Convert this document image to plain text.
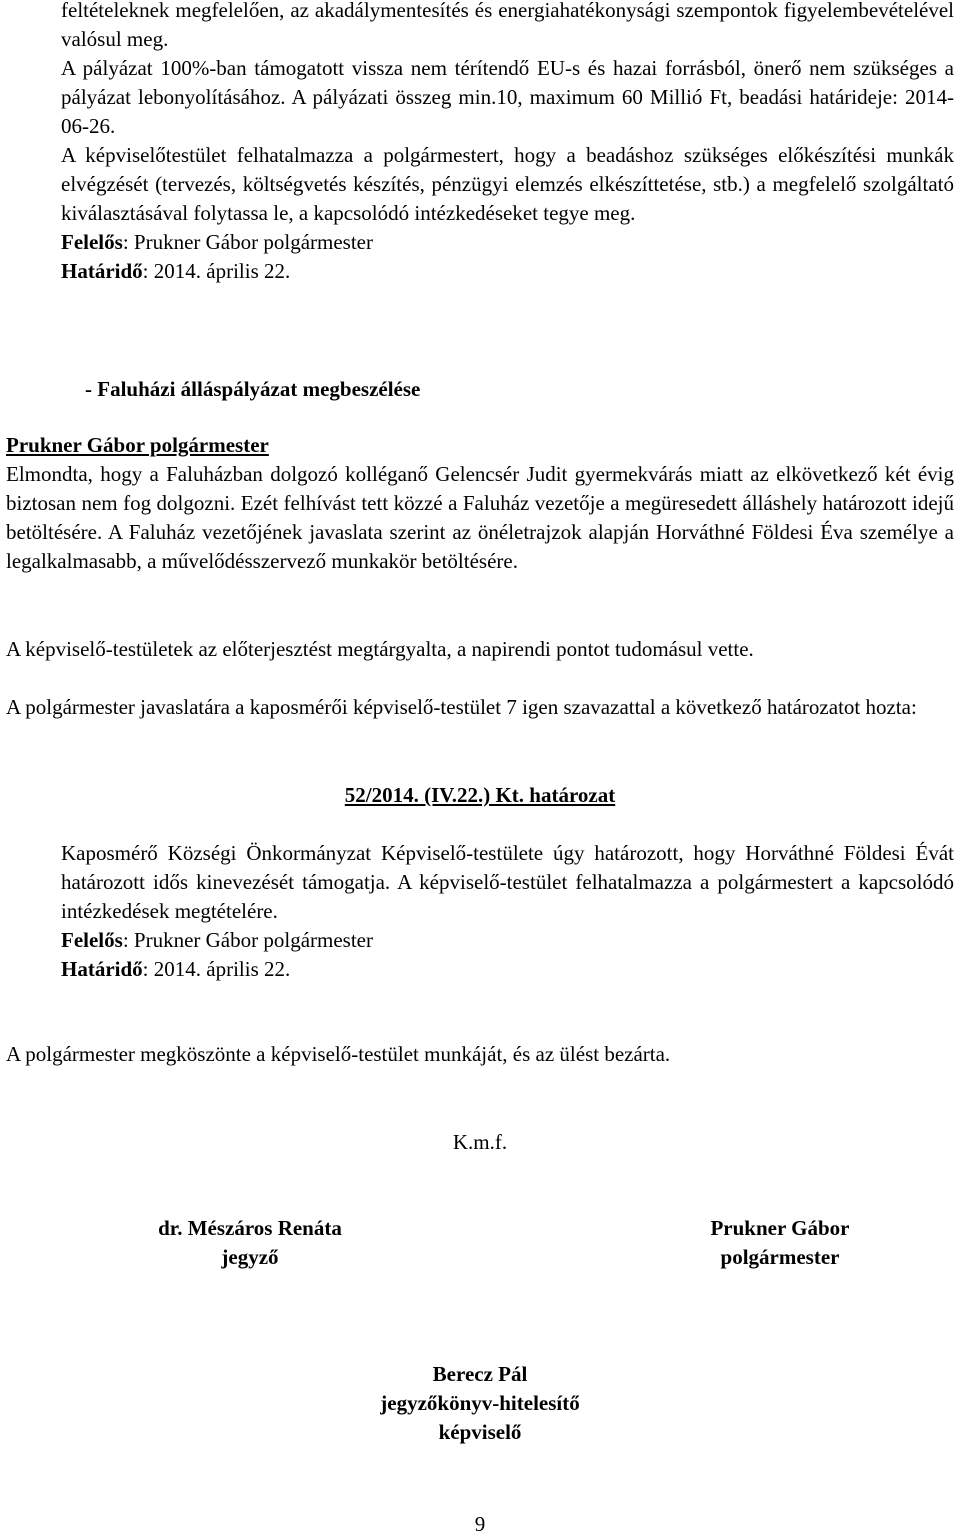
feltételeknek megfelelően, az akadálymentesítés és energiahatékonysági szempontok figyelembevételével valósul meg.

A pályázat 100%-ban támogatott vissza nem térítendő EU-s és hazai forrásból, önerő nem szükséges a pályázat lebonyolításához. A pályázati összeg min.10, maximum 60 Millió Ft, beadási határideje: 2014-06-26.

A képviselőtestület felhatalmazza a polgármestert, hogy a beadáshoz szükséges előkészítési munkák elvégzését (tervezés, költségvetés készítés, pénzügyi elemzés elkészíttetése, stb.) a megfelelő szolgáltató kiválasztásával folytassa le, a kapcsolódó intézkedéseket tegye meg.

Felelős: Prukner Gábor polgármester

Határidő: 2014. április 22.

- Faluházi álláspályázat megbeszélése

Prukner Gábor polgármester

Elmondta, hogy a Faluházban dolgozó kolléganő Gelencsér Judit gyermekvárás miatt az elkövetkező két évig biztosan nem fog dolgozni. Ezét felhívást tett közzé a Faluház vezetője a megüresedett álláshely határozott idejű betöltésére. A Faluház vezetőjének javaslata szerint az önéletrajzok alapján Horváthné Földesi Éva személye a legalkalmasabb, a művelődésszervező munkakör betöltésére.

A képviselő-testületek az előterjesztést megtárgyalta, a napirendi pontot tudomásul vette.

A polgármester javaslatára a kaposmérői képviselő-testület 7 igen szavazattal a következő határozatot hozta:

52/2014. (IV.22.) Kt. határozat

Kaposmérő Községi Önkormányzat Képviselő-testülete úgy határozott, hogy Horváthné Földesi Évát határozott idős kinevezését támogatja. A képviselő-testület felhatalmazza a polgármestert a kapcsolódó intézkedések megtételére.

Felelős: Prukner Gábor polgármester

Határidő: 2014. április 22.

A polgármester megköszönte a képviselő-testület munkáját, és az ülést bezárta.

K.m.f.
dr. Mészáros Renáta
jegyző
Prukner Gábor
polgármester
Berecz Pál
jegyzőkönyv-hitelesítő
képviselő
9
